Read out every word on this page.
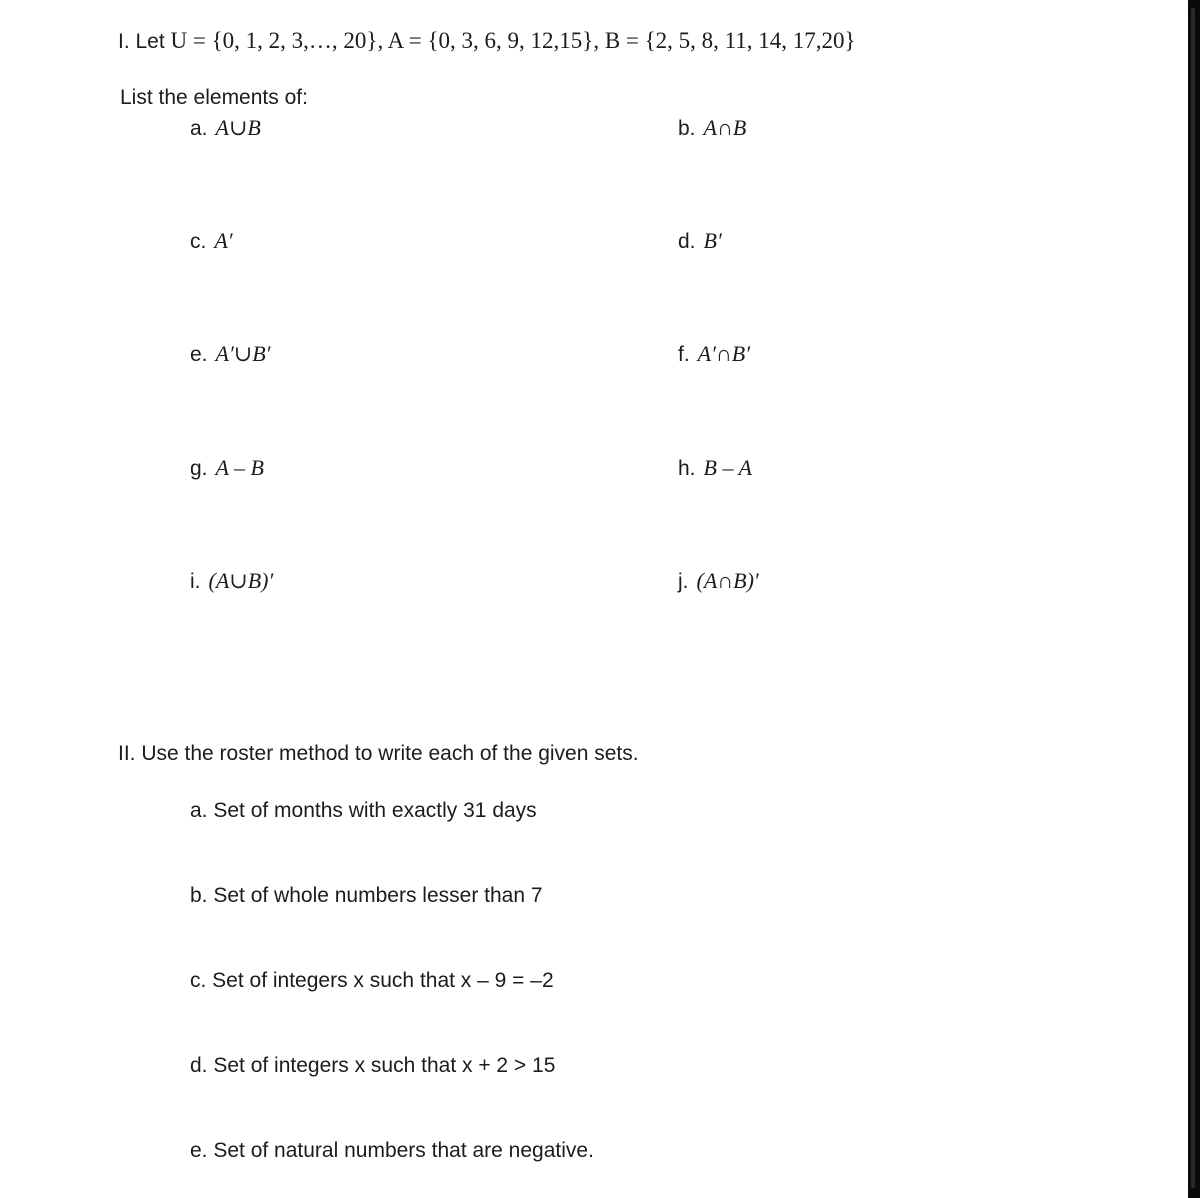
I. Let U = {0, 1, 2, 3,…, 20}, A = {0, 3, 6, 9, 12,15}, B = {2, 5, 8, 11, 14, 17,20}
List the elements of:
a. A∪B
c. A′
e. A′∪B′
g. A – B
i. (A∪B)′
b. A∩B
d. B′
f. A′∩B′
h. B – A
j. (A∩B)′
II. Use the roster method to write each of the given sets.
a. Set of months with exactly 31 days
b. Set of whole numbers lesser than 7
c. Set of integers x such that x – 9 = –2
d. Set of integers x such that x + 2 > 15
e. Set of natural numbers that are negative.
